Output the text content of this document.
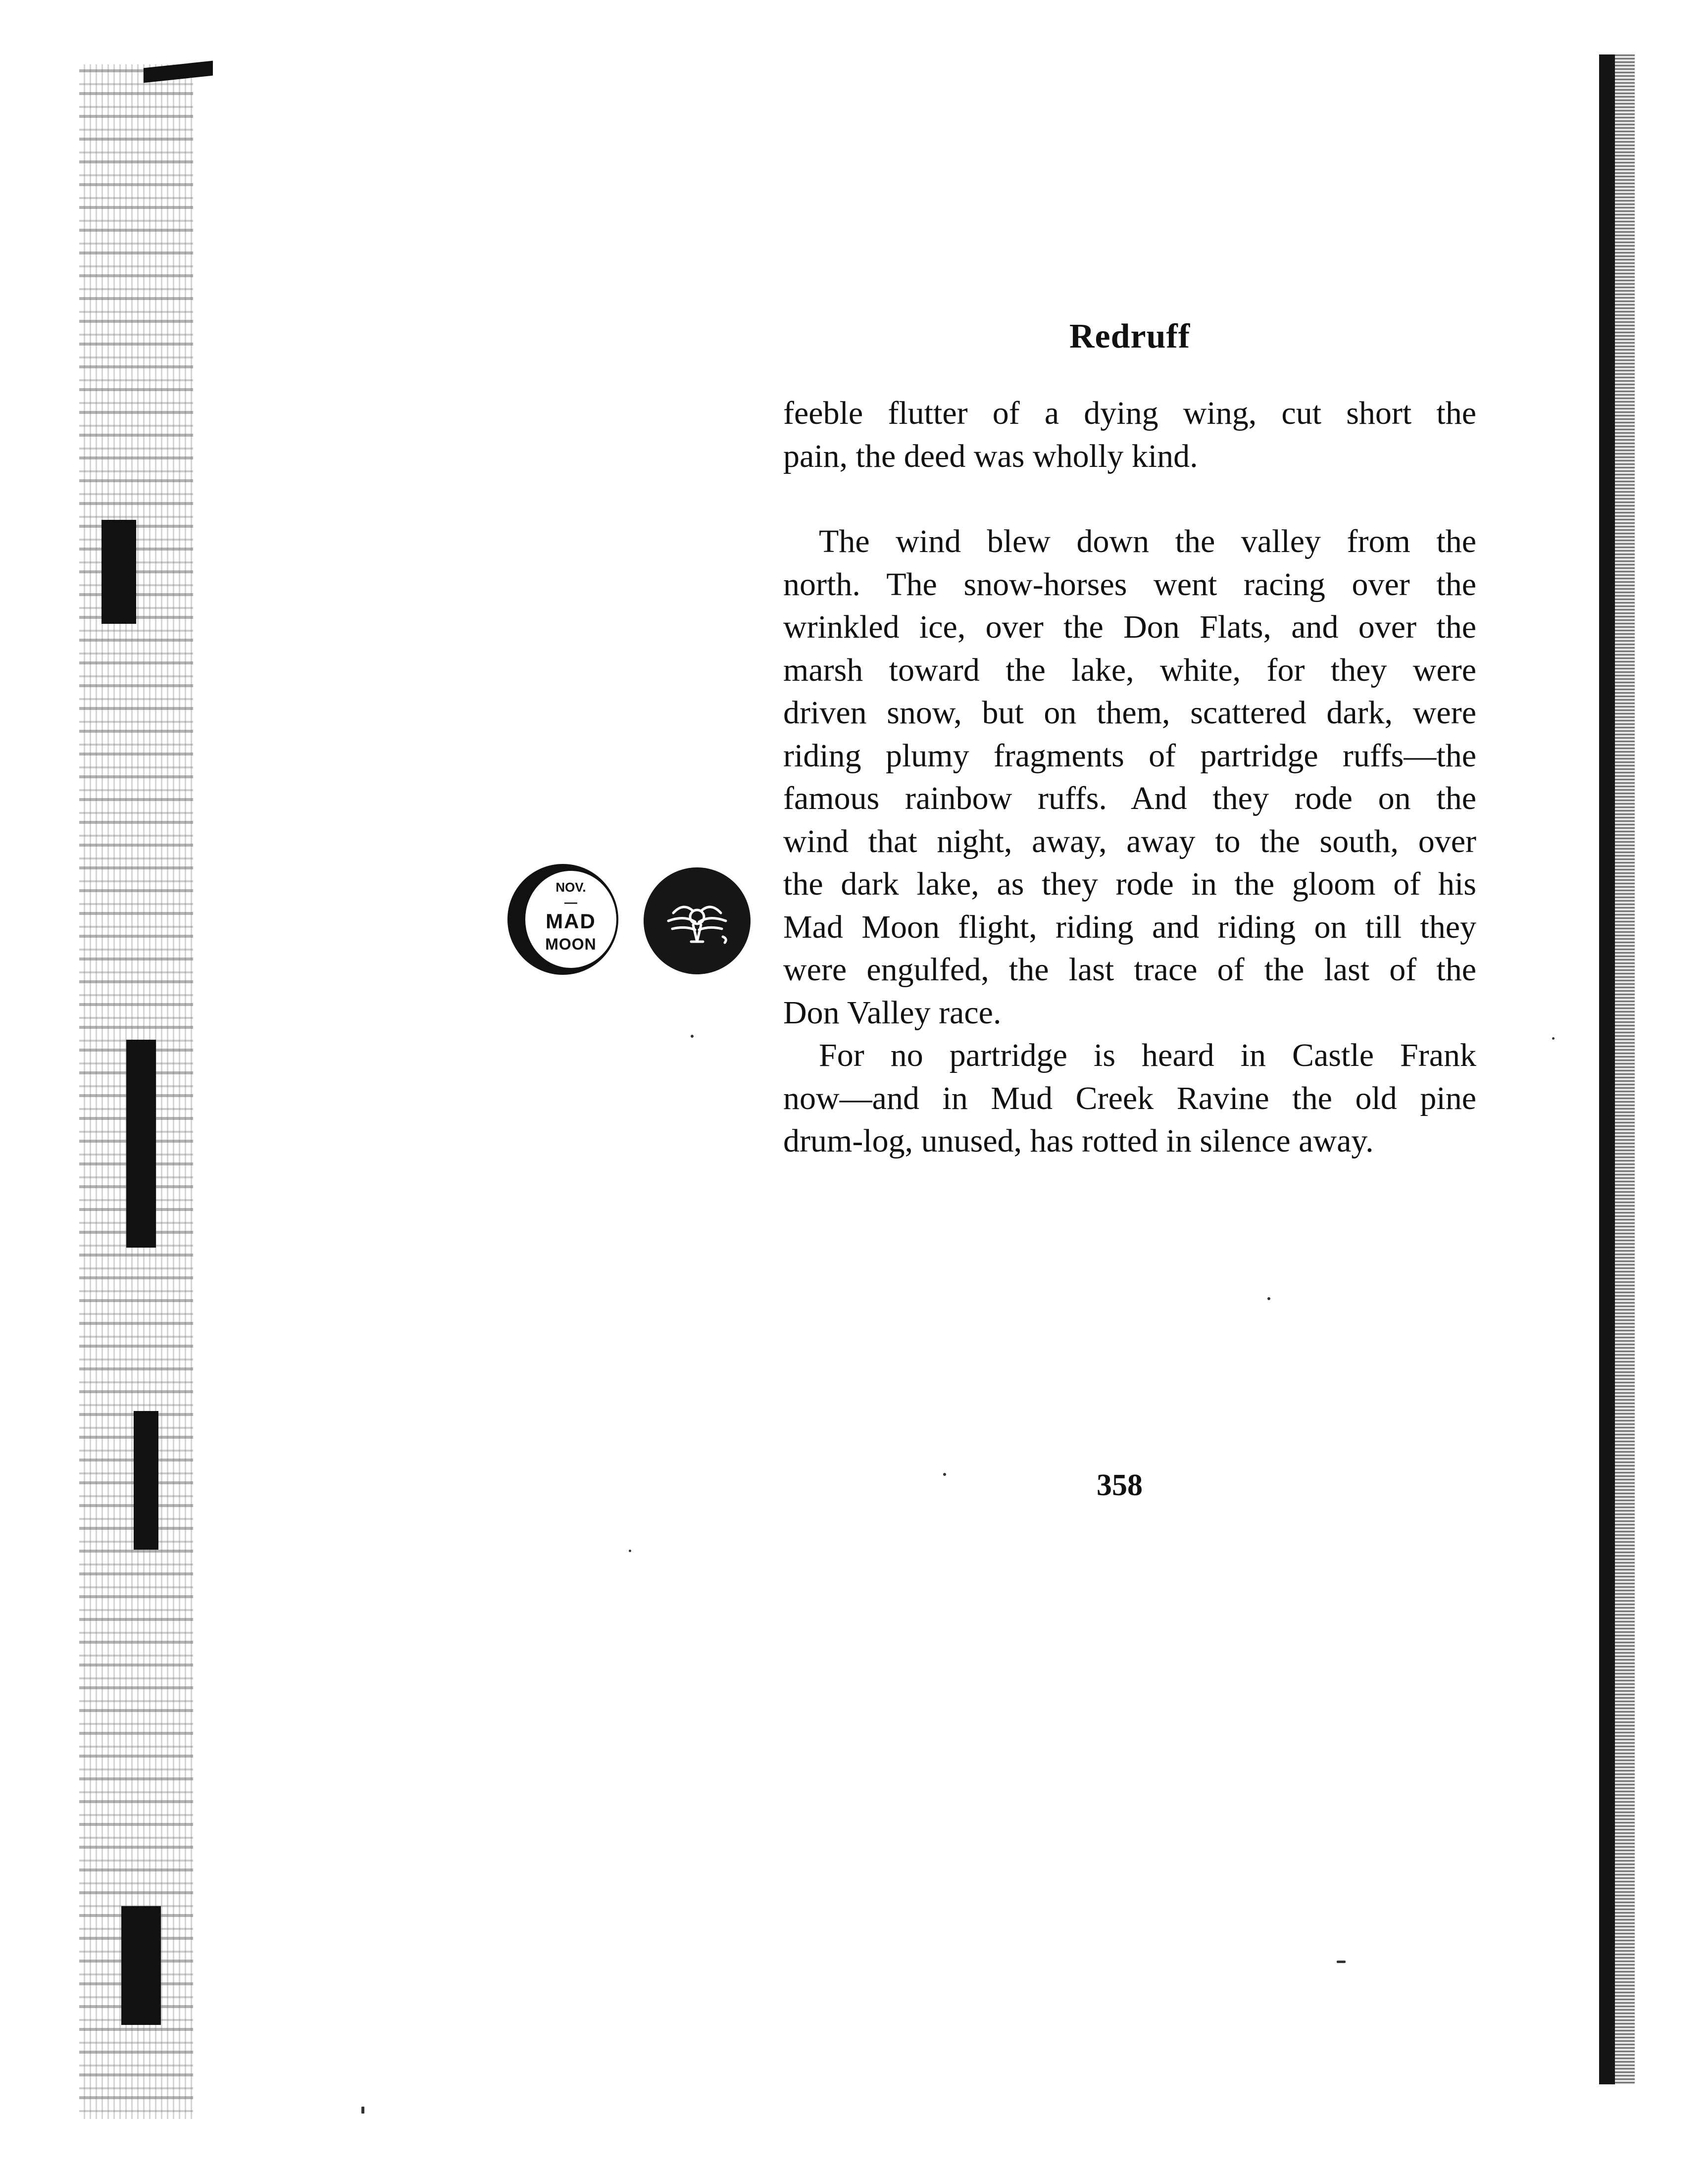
Redruff
NOV.
—
MAD
MOON

feeble flutter of a dying wing, cut short the
pain, the deed was wholly kind.

The wind blew down the valley from the
north. The snow-horses went racing over the
wrinkled ice, over the Don Flats, and over the
marsh toward the lake, white, for they were
driven snow, but on them, scattered dark, were
riding plumy fragments of partridge ruffs—the
famous rainbow ruffs. And they rode on the
wind that night, away, away to the south, over
the dark lake, as they rode in the gloom of his
Mad Moon flight, riding and riding on till they
were engulfed, the last trace of the last of the
Don Valley race.

For no partridge is heard in Castle Frank
now—and in Mud Creek Ravine the old pine
drum-log, unused, has rotted in silence away.

358
